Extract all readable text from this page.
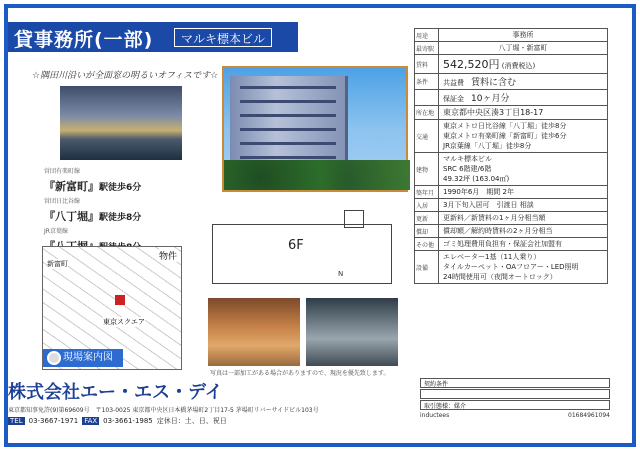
貸事務所(一部)	マルキ標本ビル
☆隅田川沿いが全面窓の明るいオフィスです☆
営団有楽町線
『新富町』駅徒歩6分
営団日比谷線
『八丁堀』駅徒歩8分
JR京葉線
6F
N
物件
新富町
東京スクエア
現場案内図
写真は一部加工がある場合がありますので、現況を優先致します。
株式会社エー・エス・デイ
東京都知事免許(9)第69609号　 〒103-0025 東京都中央区日本橋茅場町2丁目17-5 茅場町リバーサイドビル103号
TEL 03-3667-1971 FAX 03-3661-1985 定休日：土、日、祝日
用途	事務所
最寄駅	八丁堀・新富町
賃料	542,520円 (消費税込)
条件	共益費　 賃料に含む
	保証金　 10ヶ月分
所在地	東京都中央区湊3丁目18-17
交通	東京メトロ日比谷線「八丁堀」徒歩8分
東京メトロ有楽町線「新富町」徒歩6分
JR京葉線「八丁堀」徒歩8分

建物	マルキ標本ビル
SRC 6階建/6階
49.32坪 (163.04㎡)

築年月	1990年6月　 期間 2年
入居	3月下旬入居可　 引渡日 相談
更新	更新料／新賃料の1ヶ月分相当額
償却	償却額／解約時賃料の2ヶ月分相当
その他	ゴミ処理費用負担有・保証会社加盟有
設備	エレベーター1基（11人乗り）
タイルカーペット・OAフロアー・LED照明
24時間使用可（夜間オートロック）
契約条件
取引態様：媒介
inductees	01684961094
